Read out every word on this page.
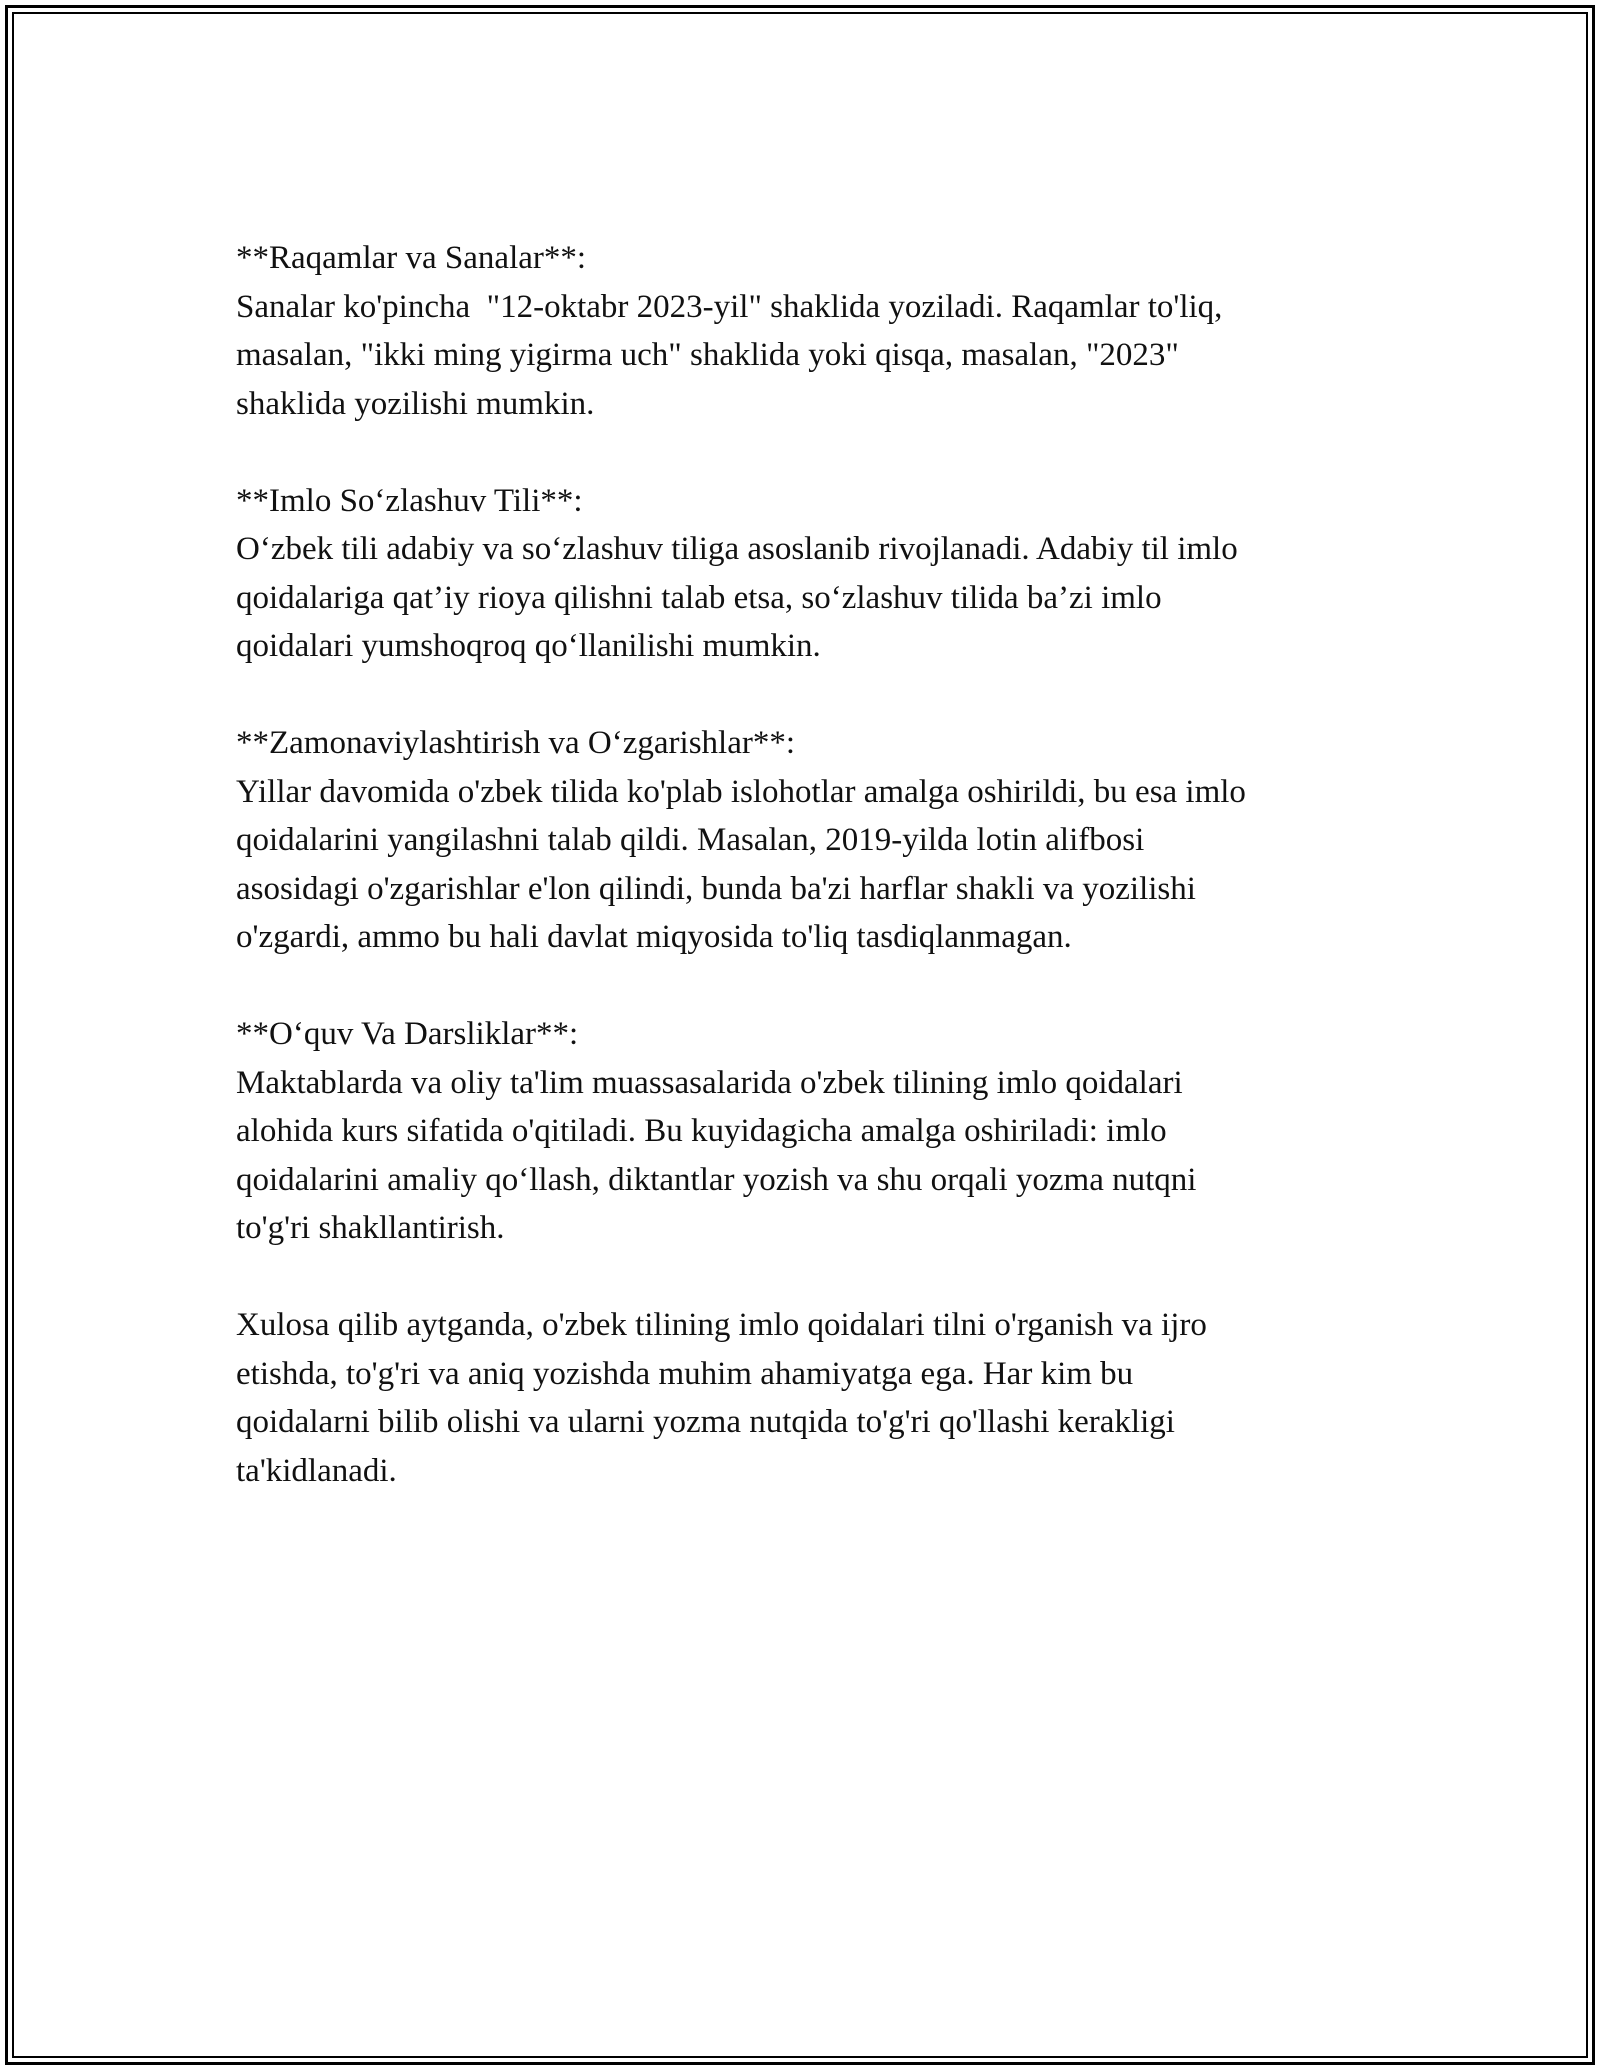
**Raqamlar va Sanalar**:
Sanalar ko'pincha  "12-oktabr 2023-yil" shaklida yoziladi. Raqamlar to'liq,
masalan, "ikki ming yigirma uch" shaklida yoki qisqa, masalan, "2023"
shaklida yozilishi mumkin.
**Imlo So‘zlashuv Tili**:
O‘zbek tili adabiy va so‘zlashuv tiliga asoslanib rivojlanadi. Adabiy til imlo
qoidalariga qat’iy rioya qilishni talab etsa, so‘zlashuv tilida ba’zi imlo
qoidalari yumshoqroq qo‘llanilishi mumkin.
**Zamonaviylashtirish va O‘zgarishlar**:
Yillar davomida o'zbek tilida ko'plab islohotlar amalga oshirildi, bu esa imlo
qoidalarini yangilashni talab qildi. Masalan, 2019-yilda lotin alifbosi
asosidagi o'zgarishlar e'lon qilindi, bunda ba'zi harflar shakli va yozilishi
o'zgardi, ammo bu hali davlat miqyosida to'liq tasdiqlanmagan.
**O‘quv Va Darsliklar**:
Maktablarda va oliy ta'lim muassasalarida o'zbek tilining imlo qoidalari
alohida kurs sifatida o'qitiladi. Bu kuyidagicha amalga oshiriladi: imlo
qoidalarini amaliy qo‘llash, diktantlar yozish va shu orqali yozma nutqni
to'g'ri shakllantirish.
Xulosa qilib aytganda, o'zbek tilining imlo qoidalari tilni o'rganish va ijro
etishda, to'g'ri va aniq yozishda muhim ahamiyatga ega. Har kim bu
qoidalarni bilib olishi va ularni yozma nutqida to'g'ri qo'llashi kerakligi
ta'kidlanadi.
